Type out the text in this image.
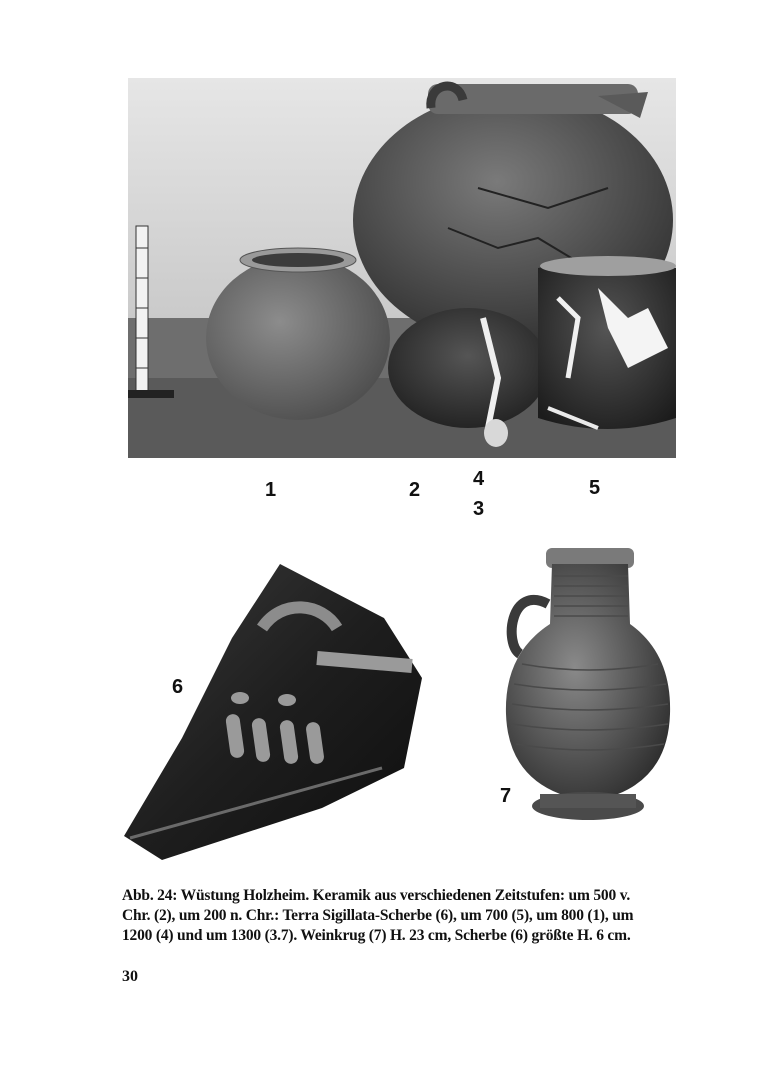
1	2	4
3
5
6
7
Abb. 24: Wüstung Holzheim. Keramik aus verschiedenen Zeitstufen: um 500 v.
Chr. (2), um 200 n. Chr.: Terra Sigillata-Scherbe (6), um 700 (5), um 800 (1), um
1200 (4) und um 1300 (3.7). Weinkrug (7) H. 23 cm, Scherbe (6) größte H. 6 cm.
30
